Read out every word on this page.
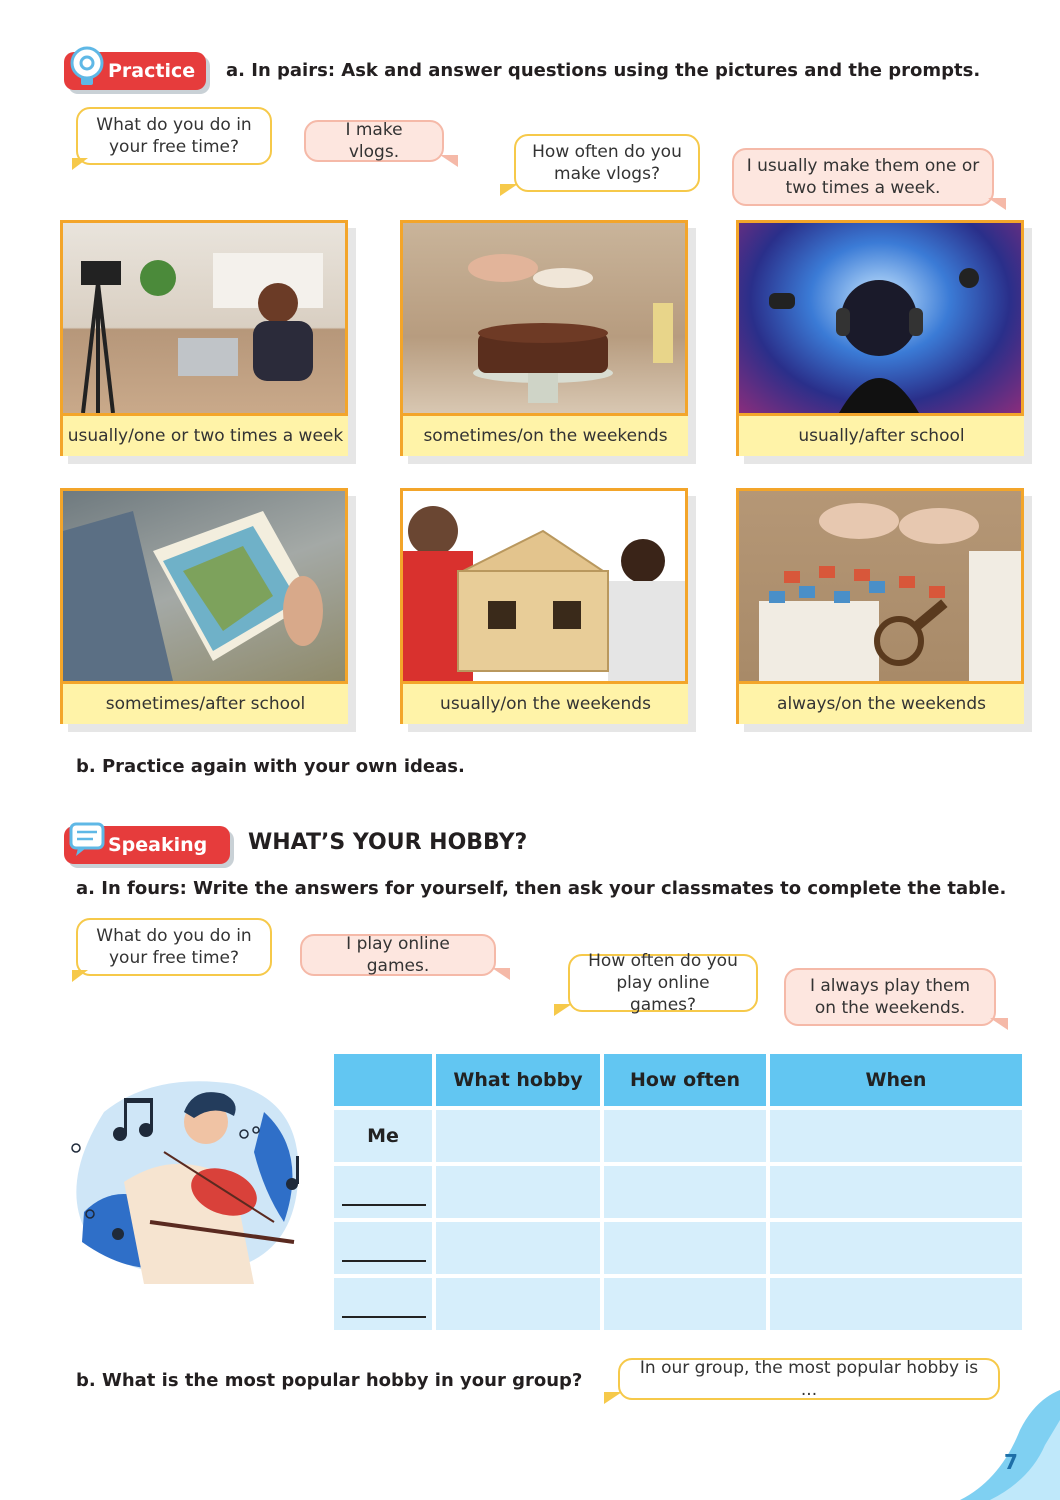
Practice a. In pairs: Ask and answer questions using the pictures and the prompts.
What do you do in your free time?
I make vlogs.	How often do you make vlogs?	I usually make them one or two times a week.
usually/one or two times a week	sometimes/on the weekends	usually/after school
sometimes/after school	usually/on the weekends	always/on the weekends
b. Practice again with your own ideas.
Speaking WHAT’S YOUR HOBBY?
a. In fours: Write the answers for yourself, then ask your classmates to complete the table.
What do you do in your free time?
I play online games.	How often do you play online games?
I always play them on the weekends.
What hobby	How often	When
Me
b. What is the most popular hobby in your group?
In our group, the most popular hobby is ...
7
